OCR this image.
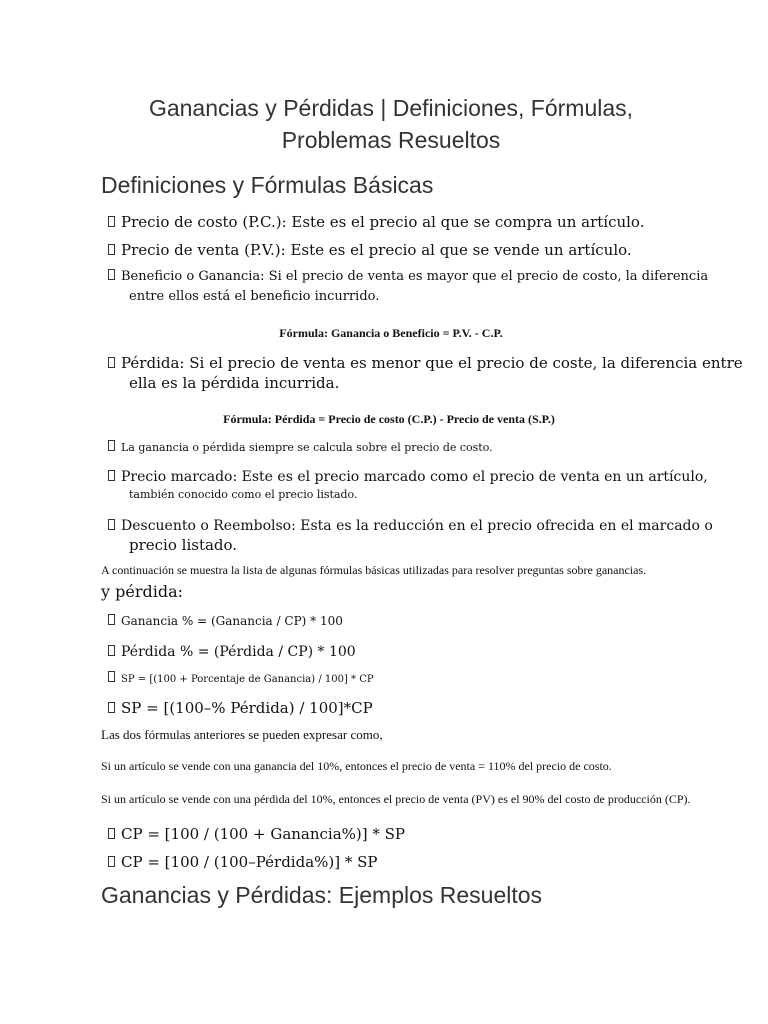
Ganancias y Pérdidas | Definiciones, Fórmulas,
Problemas Resueltos
Definiciones y Fórmulas Básicas
Precio de costo (P.C.): Este es el precio al que se compra un artículo.
Precio de venta (P.V.): Este es el precio al que se vende un artículo.
Beneficio o Ganancia: Si el precio de venta es mayor que el precio de costo, la diferencia
entre ellos está el beneficio incurrido.
Fórmula: Ganancia o Beneficio = P.V. - C.P.
Pérdida: Si el precio de venta es menor que el precio de coste, la diferencia entre
ella es la pérdida incurrida.
Fórmula: Pérdida = Precio de costo (C.P.) - Precio de venta (S.P.)
La ganancia o pérdida siempre se calcula sobre el precio de costo.
Precio marcado: Este es el precio marcado como el precio de venta en un artículo,
también conocido como el precio listado.
Descuento o Reembolso: Esta es la reducción en el precio ofrecida en el marcado o
precio listado.

A continuación se muestra la lista de algunas fórmulas básicas utilizadas para resolver preguntas sobre ganancias.

y pérdida:

Ganancia % = (Ganancia / CP) * 100
Pérdida % = (Pérdida / CP) * 100
SP = [(100 + Porcentaje de Ganancia) / 100] * CP
SP = [(100–% Pérdida) / 100]*CP

Las dos fórmulas anteriores se pueden expresar como,

Si un artículo se vende con una ganancia del 10%, entonces el precio de venta = 110% del precio de costo.

Si un artículo se vende con una pérdida del 10%, entonces el precio de venta (PV) es el 90% del costo de producción (CP).

CP = [100 / (100 + Ganancia%)] * SP
CP = [100 / (100–Pérdida%)] * SP
Ganancias y Pérdidas: Ejemplos Resueltos
